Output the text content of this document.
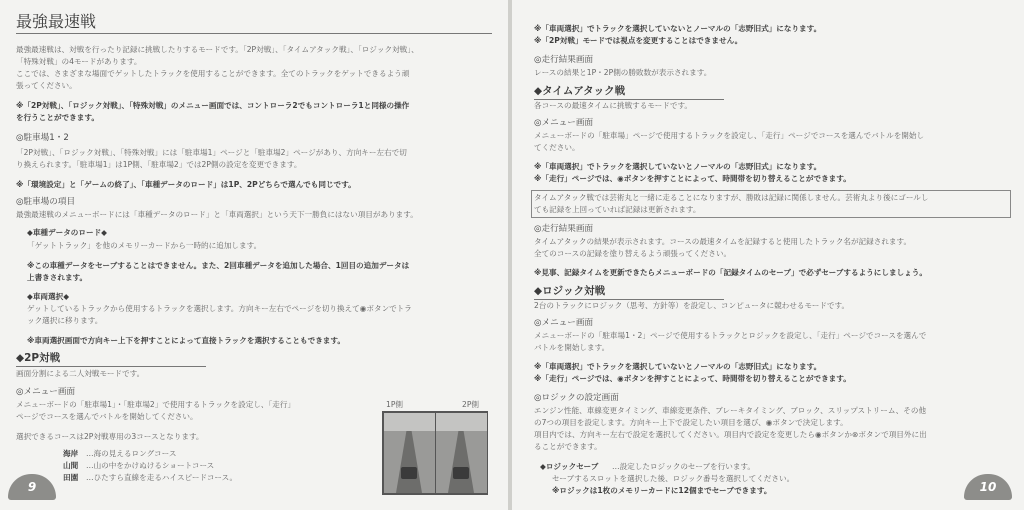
最強最速戦
最強最速戦は、対戦を行ったり記録に挑戦したりするモードです。「2P対戦」、「タイムアタック戦」、「ロジック対戦」、
「特殊対戦」の4モードがあります。
ここでは、さまざまな場面でゲットしたトラックを使用することができます。全てのトラックをゲットできるよう頑
張ってください。
※「2P対戦」、「ロジック対戦」、「特殊対戦」のメニュー画面では、コントローラ2でもコントローラ1と同様の操作
を行うことができます。
◎駐車場1・2
「2P対戦」、「ロジック対戦」、「特殊対戦」には「駐車場1」ページと「駐車場2」ページがあり、方向キー左右で切
り換えられます。「駐車場1」は1P側、「駐車場2」では2P側の設定を変更できます。
※「環境設定」と「ゲームの終了」、「車種データのロード」は1P、2Pどちらで選んでも同じです。
◎駐車場の項目
最強最速戦のメニューボードには「車種データのロード」と「車両選択」という天下一勝負にはない項目があります。
◆車種データのロード◆
「ゲットトラック」を他のメモリーカードから一時的に追加します。
※この車種データをセーブすることはできません。また、2回車種データを追加した場合、1回目の追加データは
上書きされます。
◆車両選択◆
ゲットしているトラックから使用するトラックを選択します。方向キー左右でページを切り換えて◉ボタンでトラ
ック選択に移ります。
※車両選択画面で方向キー上下を押すことによって直接トラックを選択することもできます。
◆2P対戦
画面分割による二人対戦モードです。
◎メニュー画面
メニューボードの「駐車場1」・「駐車場2」で使用するトラックを設定し、「走行」
ページでコースを選んでバトルを開始してください。
選択できるコースは2P対戦専用の3コースとなります。
海岸 …海の見えるロングコース
山間 …山の中をかけぬけるショートコース
田園 …ひたすら直線を走るハイスピードコース。
1P側	2P側
9
※「車両選択」でトラックを選択していないとノーマルの「志野旧式」になります。
※「2P対戦」モードでは視点を変更することはできません。
◎走行結果画面
レースの結果と1P・2P側の勝敗数が表示されます。
◆タイムアタック戦
各コースの最速タイムに挑戦するモードです。
◎メニュー画面
メニューボードの「駐車場」ページで使用するトラックを設定し、「走行」ページでコースを選んでバトルを開始し
てください。
※「車両選択」でトラックを選択していないとノーマルの「志野旧式」になります。
※「走行」ページでは、◉ボタンを押すことによって、時間帯を切り替えることができます。
タイムアタック戦では芸術丸と一緒に走ることになりますが、勝敗は記録に関係しません。芸術丸より後にゴールし
ても記録を上回っていれば記録は更新されます。
◎走行結果画面
タイムアタックの結果が表示されます。コースの最速タイムを記録すると使用したトラック名が記録されます。
全てのコースの記録を塗り替えるよう頑張ってください。
※見事、記録タイムを更新できたらメニューボードの「記録タイムのセーブ」で必ずセーブするようにしましょう。
◆ロジック対戦
2台のトラックにロジック（思考、方針等）を設定し、コンピュータに競わせるモードです。
◎メニュー画面
メニューボードの「駐車場1・2」ページで使用するトラックとロジックを設定し、「走行」ページでコースを選んで
バトルを開始します。
※「車両選択」でトラックを選択していないとノーマルの「志野旧式」になります。
※「走行」ページでは、◉ボタンを押すことによって、時間帯を切り替えることができます。
◎ロジックの設定画面
エンジン性能、車線変更タイミング、車線変更条件、ブレーキタイミング、ブロック、スリップストリーム、その他
の7つの項目を設定します。方向キー上下で設定したい項目を選び、◉ボタンで決定します。
項目内では、方向キー左右で設定を選択してください。項目内で設定を変更したら◉ボタンか⊗ボタンで項目外に出
ることができます。
◆ロジックセーブ …設定したロジックのセーブを行います。
セーブするスロットを選択した後、ロジック番号を選択してください。
※ロジックは1枚のメモリーカードに12個までセーブできます。	10
